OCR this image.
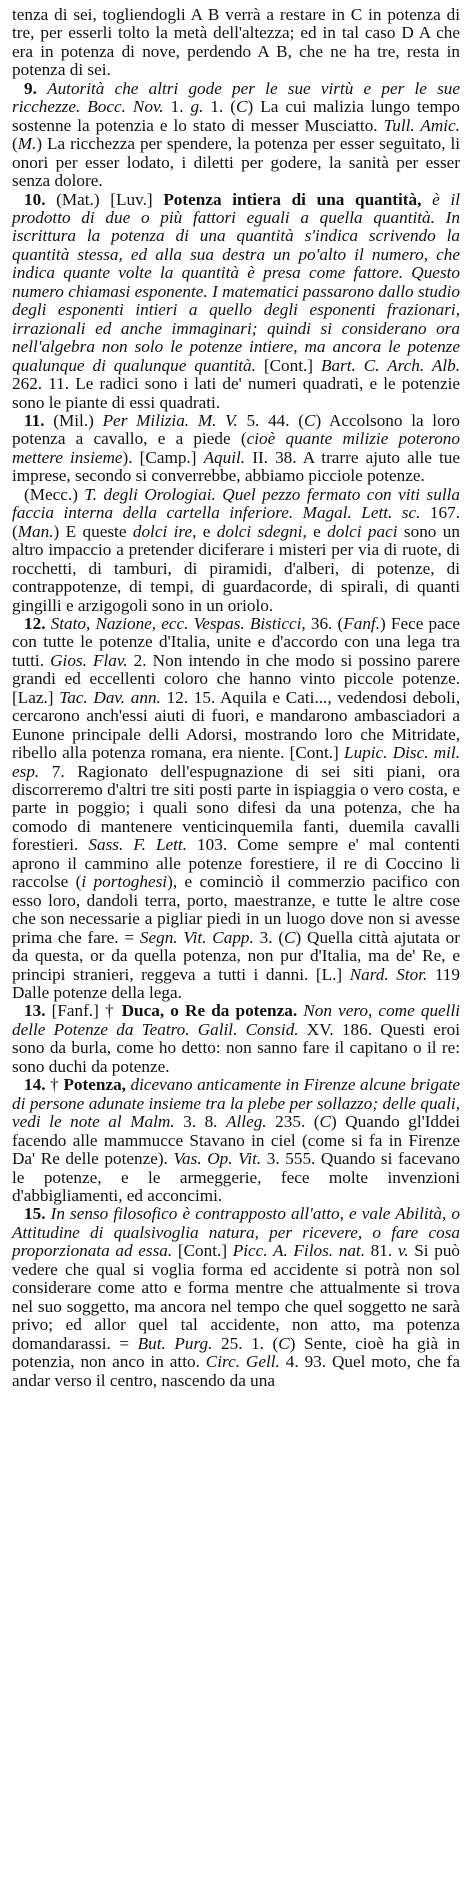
tenza di sei, togliendogli A B verrà a restare in C in potenza di tre, per esserli tolto la metà dell'altezza; ed in tal caso D A che era in potenza di nove, perdendo A B, che ne ha tre, resta in potenza di sei.

9. Autorità che altri gode per le sue virtù e per le sue ricchezze. Bocc. Nov. 1. g. 1. (C) La cui malizia lungo tempo sostenne la potenzia e lo stato di messer Musciatto. Tull. Amic. (M.) La ricchezza per spendere, la potenza per esser seguitato, li onori per esser lodato, i diletti per godere, la sanità per esser senza dolore.

10. (Mat.) [Luv.] Potenza intiera di una quantità, è il prodotto di due o più fattori eguali a quella quantità. In iscrittura la potenza di una quantità s'indica scrivendo la quantità stessa, ed alla sua destra un po'alto il numero, che indica quante volte la quantità è presa come fattore. Questo numero chiamasi esponente. I matematici passarono dallo studio degli esponenti intieri a quello degli esponenti frazionari, irrazionali ed anche immaginari; quindi si considerano ora nell'algebra non solo le potenze intiere, ma ancora le potenze qualunque di qualunque quantità. [Cont.] Bart. C. Arch. Alb. 262. 11. Le radici sono i lati de' numeri quadrati, e le potenzie sono le piante di essi quadrati.

11. (Mil.) Per Milizia. M. V. 5. 44. (C) Accolsono la loro potenza a cavallo, e a piede (cioè quante milizie poterono mettere insieme). [Camp.] Aquil. II. 38. A trarre ajuto alle tue imprese, secondo si converrebbe, abbiamo picciole potenze.

(Mecc.) T. degli Orologiai. Quel pezzo fermato con viti sulla faccia interna della cartella inferiore. Magal. Lett. sc. 167. (Man.) E queste dolci ire, e dolci sdegni, e dolci paci sono un altro impaccio a pretender diciferare i misteri per via di ruote, di rocchetti, di tamburi, di piramidi, d'alberi, di potenze, di contrappotenze, di tempi, di guardacorde, di spirali, di quanti gingilli e arzigogoli sono in un oriolo.

12. Stato, Nazione, ecc. Vespas. Bisticci, 36. (Fanf.) Fece pace con tutte le potenze d'Italia, unite e d'accordo con una lega tra tutti. Gios. Flav. 2. Non intendo in che modo si possino parere grandi ed eccellenti coloro che hanno vinto piccole potenze. [Laz.] Tac. Dav. ann. 12. 15. Aquila e Cati..., vedendosi deboli, cercarono anch'essi aiuti di fuori, e mandarono ambasciadori a Eunone principale delli Adorsi, mostrando loro che Mitridate, ribello alla potenza romana, era niente. [Cont.] Lupic. Disc. mil. esp. 7. Ragionato dell'espugnazione di sei siti piani, ora discorreremo d'altri tre siti posti parte in ispiaggia o vero costa, e parte in poggio; i quali sono difesi da una potenza, che ha comodo di mantenere venticinquemila fanti, duemila cavalli forestieri. Sass. F. Lett. 103. Come sempre e' mal contenti aprono il cammino alle potenze forestiere, il re di Coccino li raccolse (i portoghesi), e cominciò il commerzio pacifico con esso loro, dandoli terra, porto, maestranze, e tutte le altre cose che son necessarie a pigliar piedi in un luogo dove non si avesse prima che fare. = Segn. Vit. Capp. 3. (C) Quella città ajutata or da questa, or da quella potenza, non pur d'Italia, ma de' Re, e principi stranieri, reggeva a tutti i danni. [L.] Nard. Stor. 119 Dalle potenze della lega.

13. [Fanf.] † Duca, o Re da potenza. Non vero, come quelli delle Potenze da Teatro. Galil. Consid. XV. 186. Questi eroi sono da burla, come ho detto: non sanno fare il capitano o il re: sono duchi da potenze.

14. † Potenza, dicevano anticamente in Firenze alcune brigate di persone adunate insieme tra la plebe per sollazzo; delle quali, vedi le note al Malm. 3. 8. Alleg. 235. (C) Quando gl'Iddei facendo alle mammucce Stavano in ciel (come si fa in Firenze Da' Re delle potenze). Vas. Op. Vit. 3. 555. Quando si facevano le potenze, e le armeggerie, fece molte invenzioni d'abbigliamenti, ed acconcimi.

15. In senso filosofico è contrapposto all'atto, e vale Abilità, o Attitudine di qualsivoglia natura, per ricevere, o fare cosa proporzionata ad essa. [Cont.] Picc. A. Filos. nat. 81. v. Si può vedere che qual si voglia forma ed accidente si potrà non sol considerare come atto e forma mentre che attualmente si trova nel suo soggetto, ma ancora nel tempo che quel soggetto ne sarà privo; ed allor quel tal accidente, non atto, ma potenza domandarassi. = But. Purg. 25. 1. (C) Sente, cioè ha già in potenzia, non anco in atto. Circ. Gell. 4. 93. Quel moto, che fa andar verso il centro, nascendo da una
